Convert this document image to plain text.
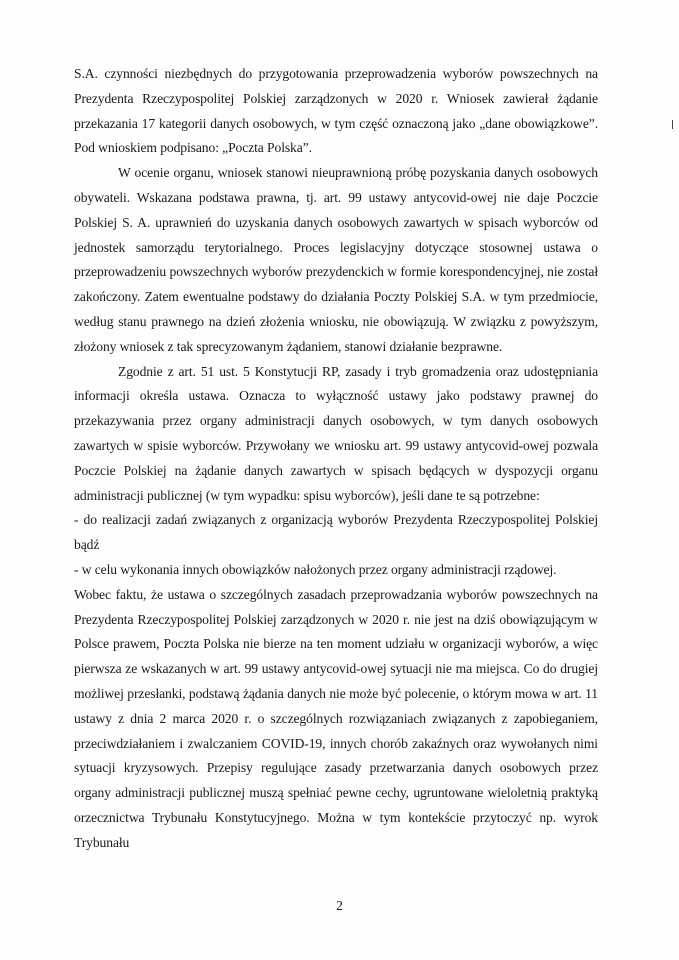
S.A. czynności niezbędnych do przygotowania przeprowadzenia wyborów powszechnych na Prezydenta Rzeczypospolitej Polskiej zarządzonych w 2020 r. Wniosek zawierał żądanie przekazania 17 kategorii danych osobowych, w tym część oznaczoną jako „dane obowiązkowe”. Pod wnioskiem podpisano: „Poczta Polska”.

W ocenie organu, wniosek stanowi nieuprawnioną próbę pozyskania danych osobowych obywateli. Wskazana podstawa prawna, tj. art. 99 ustawy antycovid-owej nie daje Poczcie Polskiej S. A. uprawnień do uzyskania danych osobowych zawartych w spisach wyborców od jednostek samorządu terytorialnego. Proces legislacyjny dotyczące stosownej ustawa o przeprowadzeniu powszechnych wyborów prezydenckich w formie korespondencyjnej, nie został zakończony. Zatem ewentualne podstawy do działania Poczty Polskiej S.A. w tym przedmiocie, według stanu prawnego na dzień złożenia wniosku, nie obowiązują. W związku z powyższym, złożony wniosek z tak sprecyzowanym żądaniem, stanowi działanie bezprawne.

Zgodnie z art. 51 ust. 5 Konstytucji RP, zasady i tryb gromadzenia oraz udostępniania informacji określa ustawa. Oznacza to wyłączność ustawy jako podstawy prawnej do przekazywania przez organy administracji danych osobowych, w tym danych osobowych zawartych w spisie wyborców. Przywołany we wniosku art. 99 ustawy antycovid-owej pozwala Poczcie Polskiej na żądanie danych zawartych w spisach będących w dyspozycji organu administracji publicznej (w tym wypadku: spisu wyborców), jeśli dane te są potrzebne:

- do realizacji zadań związanych z organizacją wyborów Prezydenta Rzeczypospolitej Polskiej bądź

- w celu wykonania innych obowiązków nałożonych przez organy administracji rządowej.

Wobec faktu, że ustawa o szczególnych zasadach przeprowadzania wyborów powszechnych na Prezydenta Rzeczypospolitej Polskiej zarządzonych w 2020 r. nie jest na dziś obowiązującym w Polsce prawem, Poczta Polska nie bierze na ten moment udziału w organizacji wyborów, a więc pierwsza ze wskazanych w art. 99 ustawy antycovid-owej sytuacji nie ma miejsca. Co do drugiej możliwej przesłanki, podstawą żądania danych nie może być polecenie, o którym mowa w art. 11 ustawy z dnia 2 marca 2020 r. o szczególnych rozwiązaniach związanych z zapobieganiem, przeciwdziałaniem i zwalczaniem COVID-19, innych chorób zakaźnych oraz wywołanych nimi sytuacji kryzysowych. Przepisy regulujące zasady przetwarzania danych osobowych przez organy administracji publicznej muszą spełniać pewne cechy, ugruntowane wieloletnią praktyką orzecznictwa Trybunału Konstytucyjnego. Można w tym kontekście przytoczyć np. wyrok Trybunału

2
